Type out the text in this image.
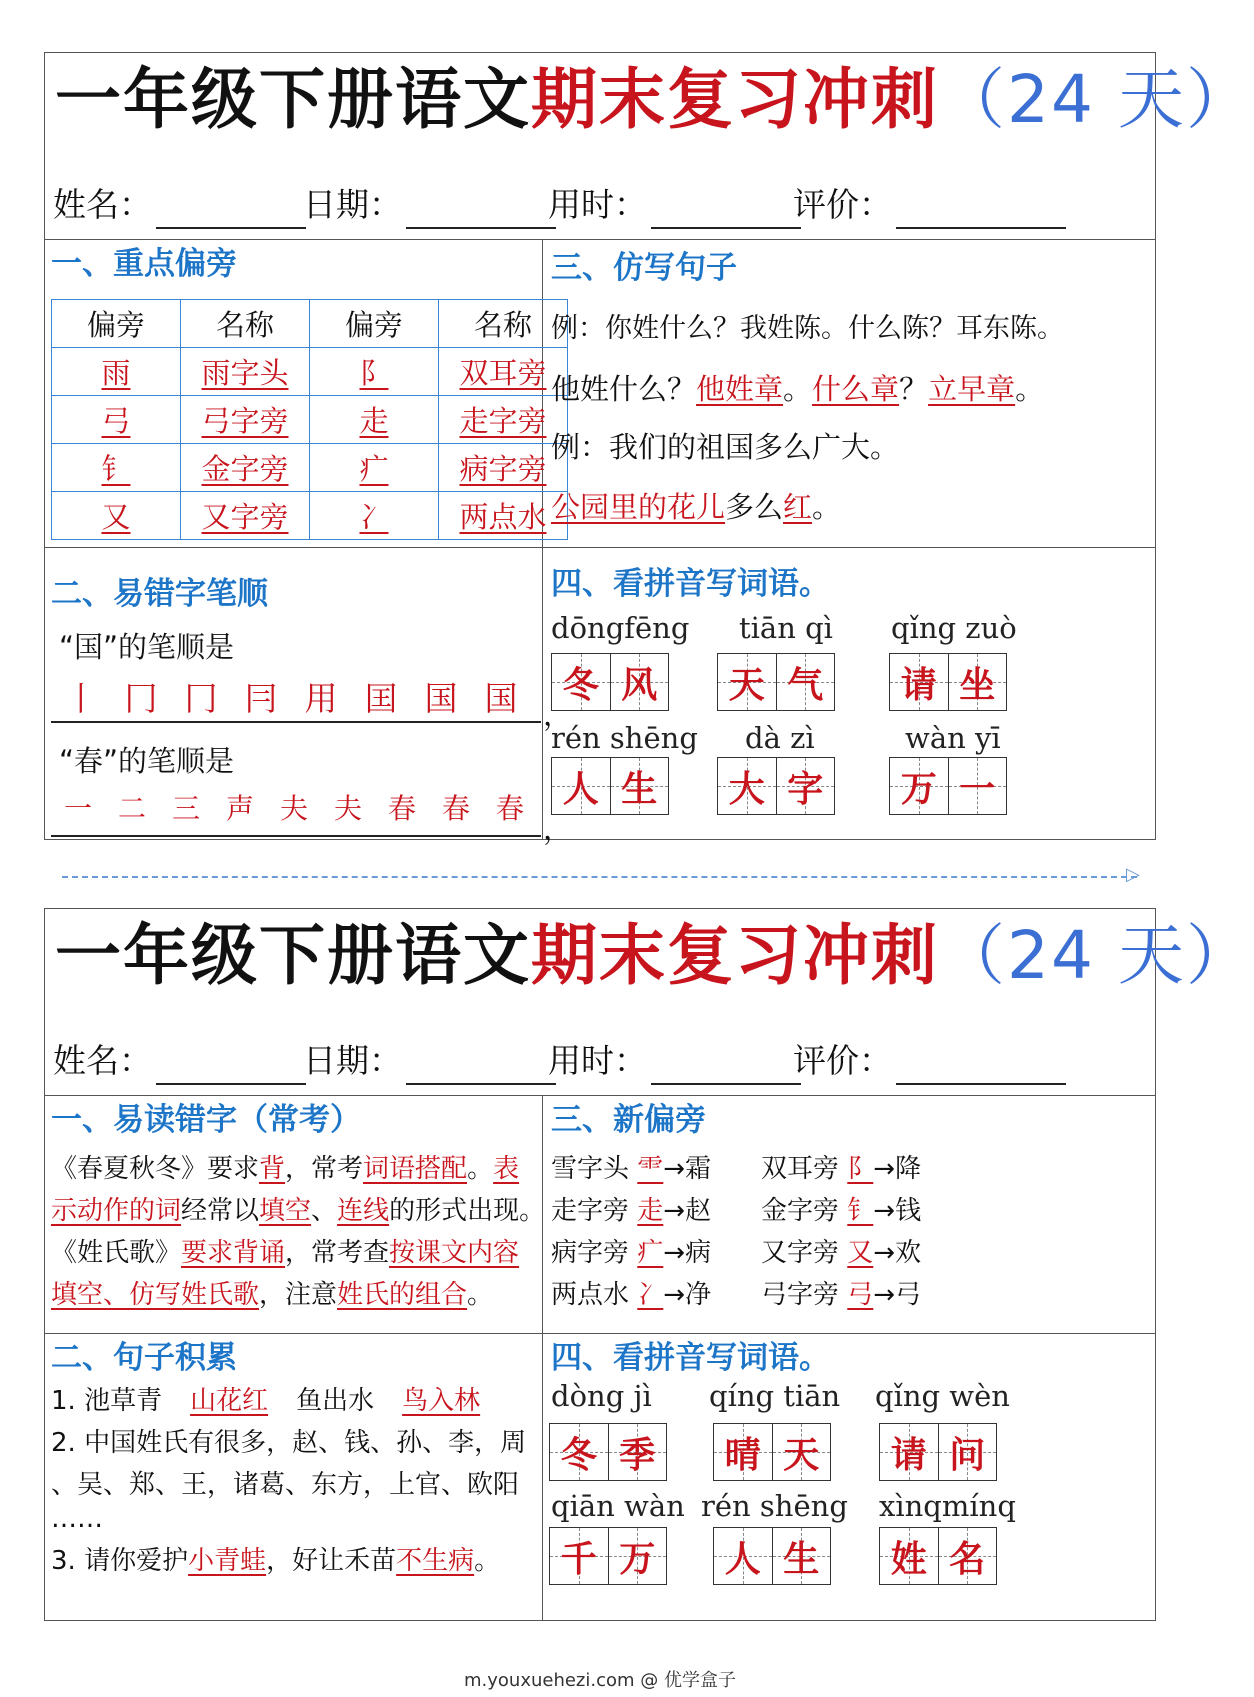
一年级下册语文期末复习冲刺（24 天）
姓名：	日期：	用时：	评价：
一、重点偏旁
偏旁	名称	偏旁	名称
雨	雨字头	阝	双耳旁
弓	弓字旁	走	走字旁
钅	金字旁	疒	病字旁
又	又字旁	冫	两点水
二、易错字笔顺
“国”的笔顺是
丨 冂 冂 冃 用 囯 国 国 ，
“春”的笔顺是
一 二 三 声 夫 夫 春 春 春
，
三、仿写句子
例：你姓什么？我姓陈。什么陈？耳东陈。
他姓什么？他姓章。什么章？立早章。
例：我们的祖国多么广大。
公园里的花儿多么红。
四、看拼音写词语。
dōngfēng
冬 风
tiān qì
天 气
qǐng zuò
请 坐
rén shēng
人 生
dà zì
大 字
wàn yī
万 一
▷
一年级下册语文期末复习冲刺（24 天）
姓名：	日期：	用时：	评价：
一、易读错字（常考）
《春夏秋冬》要求背，常考词语搭配。表
示动作的词经常以填空、连线的形式出现。
《姓氏歌》要求背诵，常考查按课文内容
填空、仿写姓氏歌，注意姓氏的组合。
二、句子积累
1. 池草青 山花红 鱼出水 鸟入林
2. 中国姓氏有很多，赵、钱、孙、李，周
、吴、郑、王，诸葛、东方，上官、欧阳
……
3. 请你爱护小青蛙，好让禾苗不生病。
三、新偏旁
雪字头 ⻗→霜 双耳旁 阝→降
走字旁 走→赵 金字旁 钅→钱
病字旁 疒→病 又字旁 又→欢
两点水 冫→净 弓字旁 弓→弓
四、看拼音写词语。
dòng jì
冬 季
qíng tiān
晴 天
qǐng wèn
请 问
qiān wàn
千 万
rén shēng
人 生
xìnqmínq
姓 名
m.youxuehezi.com @ 优学盒子
